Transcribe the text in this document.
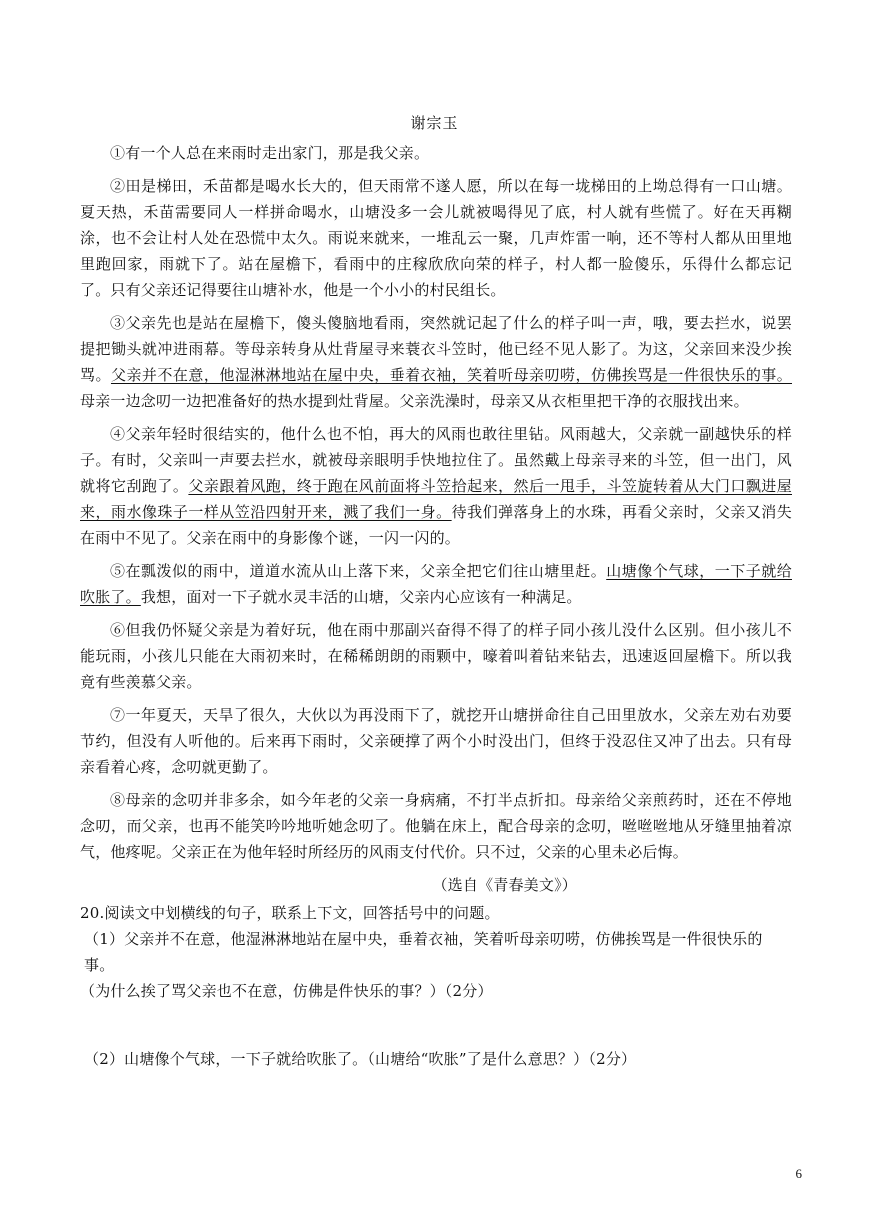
谢宗玉

①有一个人总在来雨时走出家门，那是我父亲。

②田是梯田，禾苗都是喝水长大的，但天雨常不遂人愿，所以在每一垅梯田的上坳总得有一口山塘。夏天热，禾苗需要同人一样拼命喝水，山塘没多一会儿就被喝得见了底，村人就有些慌了。好在天再糊涂，也不会让村人处在恐慌中太久。雨说来就来，一堆乱云一聚，几声炸雷一响，还不等村人都从田里地里跑回家，雨就下了。站在屋檐下，看雨中的庄稼欣欣向荣的样子，村人都一脸傻乐，乐得什么都忘记了。只有父亲还记得要往山塘补水，他是一个小小的村民组长。

③父亲先也是站在屋檐下，傻头傻脑地看雨，突然就记起了什么的样子叫一声，哦，要去拦水，说罢提把锄头就冲进雨幕。等母亲转身从灶背屋寻来蓑衣斗笠时，他已经不见人影了。为这，父亲回来没少挨骂。父亲并不在意，他湿淋淋地站在屋中央，垂着衣袖，笑着听母亲叨唠，仿佛挨骂是一件很快乐的事。母亲一边念叨一边把准备好的热水提到灶背屋。父亲洗澡时，母亲又从衣柜里把干净的衣服找出来。

④父亲年轻时很结实的，他什么也不怕，再大的风雨也敢往里钻。风雨越大，父亲就一副越快乐的样子。有时，父亲叫一声要去拦水，就被母亲眼明手快地拉住了。虽然戴上母亲寻来的斗笠，但一出门，风就将它刮跑了。父亲跟着风跑，终于跑在风前面将斗笠拾起来，然后一甩手，斗笠旋转着从大门口飘进屋来，雨水像珠子一样从笠沿四射开来，溅了我们一身。待我们弹落身上的水珠，再看父亲时，父亲又消失在雨中不见了。父亲在雨中的身影像个谜，一闪一闪的。

⑤在瓢泼似的雨中，道道水流从山上落下来，父亲全把它们往山塘里赶。山塘像个气球，一下子就给吹胀了。我想，面对一下子就水灵丰活的山塘，父亲内心应该有一种满足。

⑥但我仍怀疑父亲是为着好玩，他在雨中那副兴奋得不得了的样子同小孩儿没什么区别。但小孩儿不能玩雨，小孩儿只能在大雨初来时，在稀稀朗朗的雨颗中，嚎着叫着钻来钻去，迅速返回屋檐下。所以我竟有些羡慕父亲。

⑦一年夏天，天旱了很久，大伙以为再没雨下了，就挖开山塘拼命往自己田里放水，父亲左劝右劝要节约，但没有人听他的。后来再下雨时，父亲硬撑了两个小时没出门，但终于没忍住又冲了出去。只有母亲看着心疼，念叨就更勤了。

⑧母亲的念叨并非多余，如今年老的父亲一身病痛，不打半点折扣。母亲给父亲煎药时，还在不停地念叨，而父亲，也再不能笑吟吟地听她念叨了。他躺在床上，配合母亲的念叨，咝咝咝地从牙缝里抽着凉气，他疼呢。父亲正在为他年轻时所经历的风雨支付代价。只不过，父亲的心里未必后悔。

（选自《青春美文》）

20.阅读文中划横线的句子，联系上下文，回答括号中的问题。

（1）父亲并不在意，他湿淋淋地站在屋中央，垂着衣袖，笑着听母亲叨唠，仿佛挨骂是一件很快乐的事。

（为什么挨了骂父亲也不在意，仿佛是件快乐的事？）（2分）

（2）山塘像个气球，一下子就给吹胀了。（山塘给“吹胀”了是什么意思？）（2分）

6
